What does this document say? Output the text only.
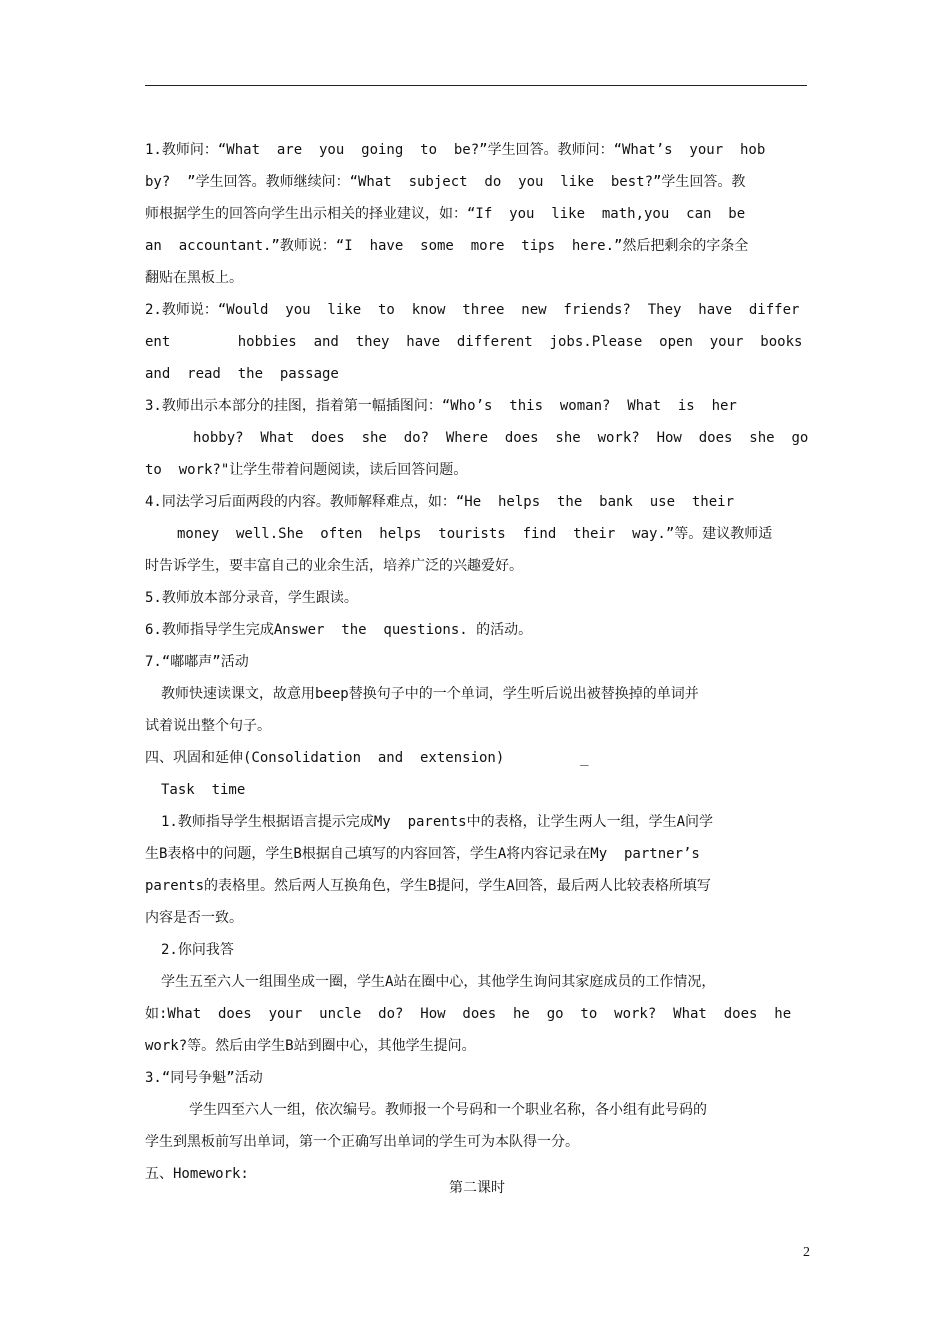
1.教师问：“What  are  you  going  to  be?”学生回答。教师问：“What’s  your  hob
by?  ”学生回答。教师继续问：“What  subject  do  you  like  best?”学生回答。教
师根据学生的回答向学生出示相关的择业建议，如：“If  you  like  math,you  can  be
an  accountant.”教师说：“I  have  some  more  tips  here.”然后把剩余的字条全
翻贴在黑板上。
2.教师说：“Would  you  like  to  know  three  new  friends?  They  have  differ
ent        hobbies  and  they  have  different  jobs.Please  open  your  books
and  read  the  passage
3.教师出示本部分的挂图，指着第一幅插图问：“Who’s  this  woman?  What  is  her
hobby?  What  does  she  do?  Where  does  she  work?  How  does  she  go
to  work?"让学生带着问题阅读，读后回答问题。
4.同法学习后面两段的内容。教师解释难点，如：“He  helps  the  bank  use  their
money  well.She  often  helps  tourists  find  their  way.”等。建议教师适
时告诉学生，要丰富自己的业余生活，培养广泛的兴趣爱好。
5.教师放本部分录音，学生跟读。
6.教师指导学生完成Answer  the  questions. 的活动。
7.“嘟嘟声”活动
教师快速读课文，故意用beep替换句子中的一个单词，学生听后说出被替换掉的单词并
试着说出整个句子。
四、巩固和延伸(Consolidation  and  extension)         _
Task  time
1.教师指导学生根据语言提示完成My  parents中的表格，让学生两人一组，学生A问学
生B表格中的问题，学生B根据自己填写的内容回答，学生A将内容记录在My  partner’s
parents的表格里。然后两人互换角色，学生B提问，学生A回答，最后两人比较表格所填写
内容是否一致。
2.你问我答
学生五至六人一组围坐成一圈，学生A站在圈中心，其他学生询问其家庭成员的工作情况，
如:What  does  your  uncle  do?  How  does  he  go  to  work?  What  does  he
work?等。然后由学生B站到圈中心，其他学生提问。
3.“同号争魁”活动
学生四至六人一组，依次编号。教师报一个号码和一个职业名称，各小组有此号码的
学生到黑板前写出单词，第一个正确写出单词的学生可为本队得一分。
五、Homework:
第二课时
2
